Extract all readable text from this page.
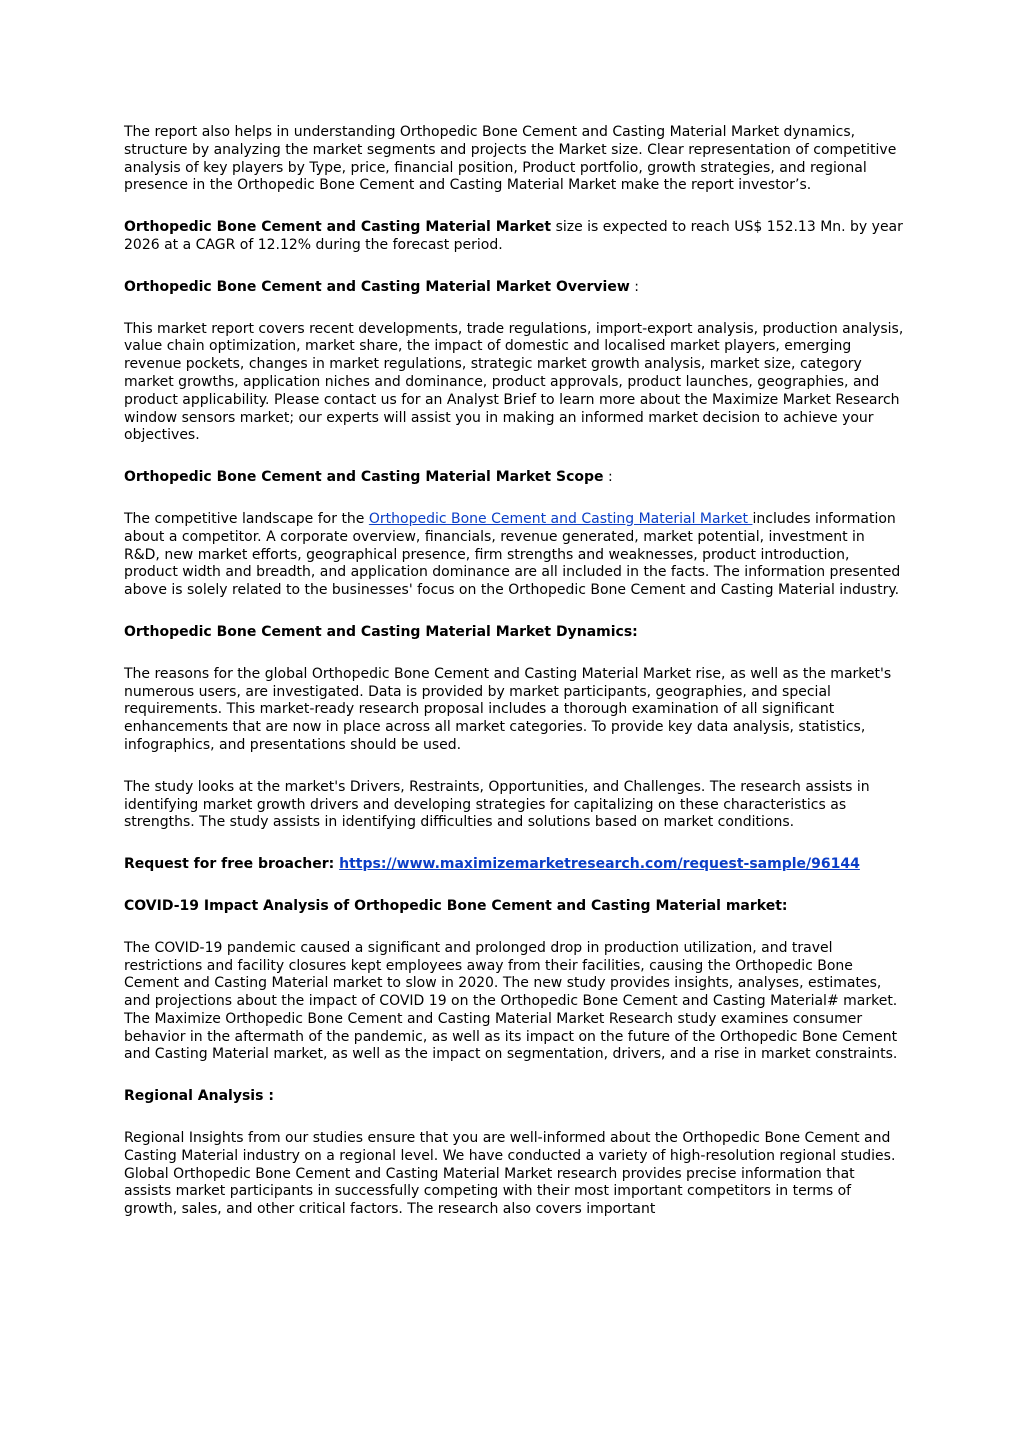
The report also helps in understanding Orthopedic Bone Cement and Casting Material Market dynamics, structure by analyzing the market segments and projects the Market size. Clear representation of competitive analysis of key players by Type, price, financial position, Product portfolio, growth strategies, and regional presence in the Orthopedic Bone Cement and Casting Material Market make the report investor’s.
Orthopedic Bone Cement and Casting Material Market size is expected to reach US$ 152.13 Mn. by year 2026 at a CAGR of 12.12% during the forecast period.
Orthopedic Bone Cement and Casting Material Market Overview :
This market report covers recent developments, trade regulations, import-export analysis, production analysis, value chain optimization, market share, the impact of domestic and localised market players, emerging revenue pockets, changes in market regulations, strategic market growth analysis, market size, category market growths, application niches and dominance, product approvals, product launches, geographies, and product applicability. Please contact us for an Analyst Brief to learn more about the Maximize Market Research window sensors market; our experts will assist you in making an informed market decision to achieve your objectives.
Orthopedic Bone Cement and Casting Material Market Scope :
The competitive landscape for the Orthopedic Bone Cement and Casting Material Market includes information about a competitor. A corporate overview, financials, revenue generated, market potential, investment in R&D, new market efforts, geographical presence, firm strengths and weaknesses, product introduction, product width and breadth, and application dominance are all included in the facts. The information presented above is solely related to the businesses' focus on the Orthopedic Bone Cement and Casting Material industry.
Orthopedic Bone Cement and Casting Material Market Dynamics:
The reasons for the global Orthopedic Bone Cement and Casting Material Market rise, as well as the market's numerous users, are investigated. Data is provided by market participants, geographies, and special requirements. This market-ready research proposal includes a thorough examination of all significant enhancements that are now in place across all market categories. To provide key data analysis, statistics, infographics, and presentations should be used.
The study looks at the market's Drivers, Restraints, Opportunities, and Challenges. The research assists in identifying market growth drivers and developing strategies for capitalizing on these characteristics as strengths. The study assists in identifying difficulties and solutions based on market conditions.
Request for free broacher: https://www.maximizemarketresearch.com/request-sample/96144
COVID-19 Impact Analysis of Orthopedic Bone Cement and Casting Material market:
The COVID-19 pandemic caused a significant and prolonged drop in production utilization, and travel restrictions and facility closures kept employees away from their facilities, causing the Orthopedic Bone Cement and Casting Material market to slow in 2020. The new study provides insights, analyses, estimates, and projections about the impact of COVID 19 on the Orthopedic Bone Cement and Casting Material# market. The Maximize Orthopedic Bone Cement and Casting Material Market Research study examines consumer behavior in the aftermath of the pandemic, as well as its impact on the future of the Orthopedic Bone Cement and Casting Material market, as well as the impact on segmentation, drivers, and a rise in market constraints.
Regional Analysis :
Regional Insights from our studies ensure that you are well-informed about the Orthopedic Bone Cement and Casting Material industry on a regional level. We have conducted a variety of high-resolution regional studies. Global Orthopedic Bone Cement and Casting Material Market research provides precise information that assists market participants in successfully competing with their most important competitors in terms of growth, sales, and other critical factors. The research also covers important
